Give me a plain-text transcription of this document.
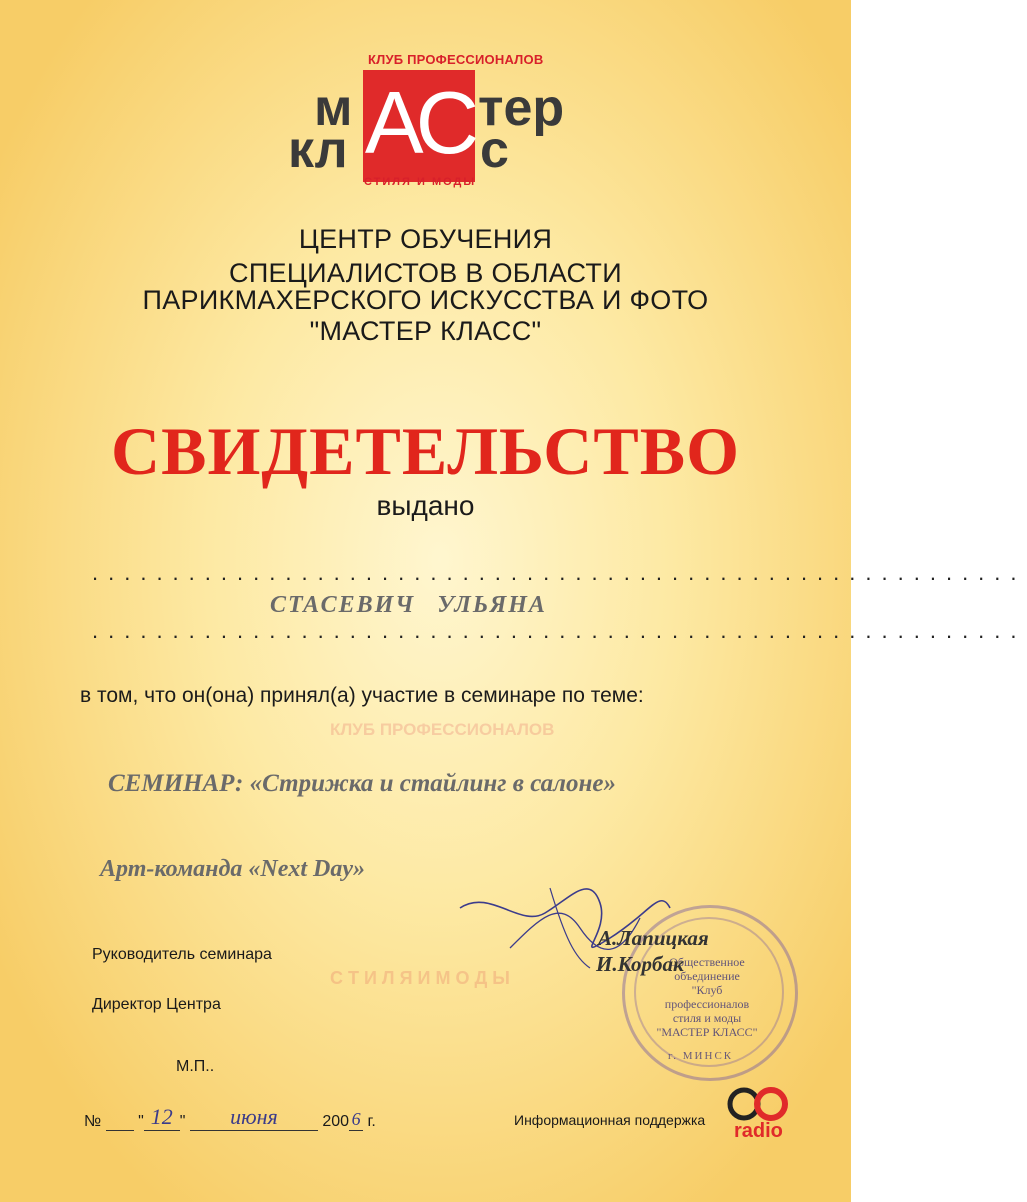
КЛУБ ПРОФЕССИОНАЛОВ
С Т И Л Я И М О Д Ы
КЛУБ ПРОФЕССИОНАЛОВ
АС
м тер
кл	с
СТИЛЯ И МОДЫ
ЦЕНТР ОБУЧЕНИЯ
СПЕЦИАЛИСТОВ В ОБЛАСТИ
ПАРИКМАХЕРСКОГО ИСКУССТВА И ФОТО
"МАСТЕР КЛАСС"
СВИДЕТЕЛЬСТВО
выдано
..........................................................
СТАСЕВИЧ УЛЬЯНА
..........................................................
в том, что он(она) принял(а) участие в семинаре по теме:
СЕМИНАР: «Стрижка и стайлинг в салоне»
Арт-команда «Next Day»
Общественное
объединение
"Клуб
профессионалов
стиля и моды
"МАСТЕР КЛАСС"
г. МИНСК
Руководитель семинара
Директор Центра
А.Лапицкая
И.Корбак
М.П..
№ " 12 " июня	200 6 г.	Информационная поддержка radio
